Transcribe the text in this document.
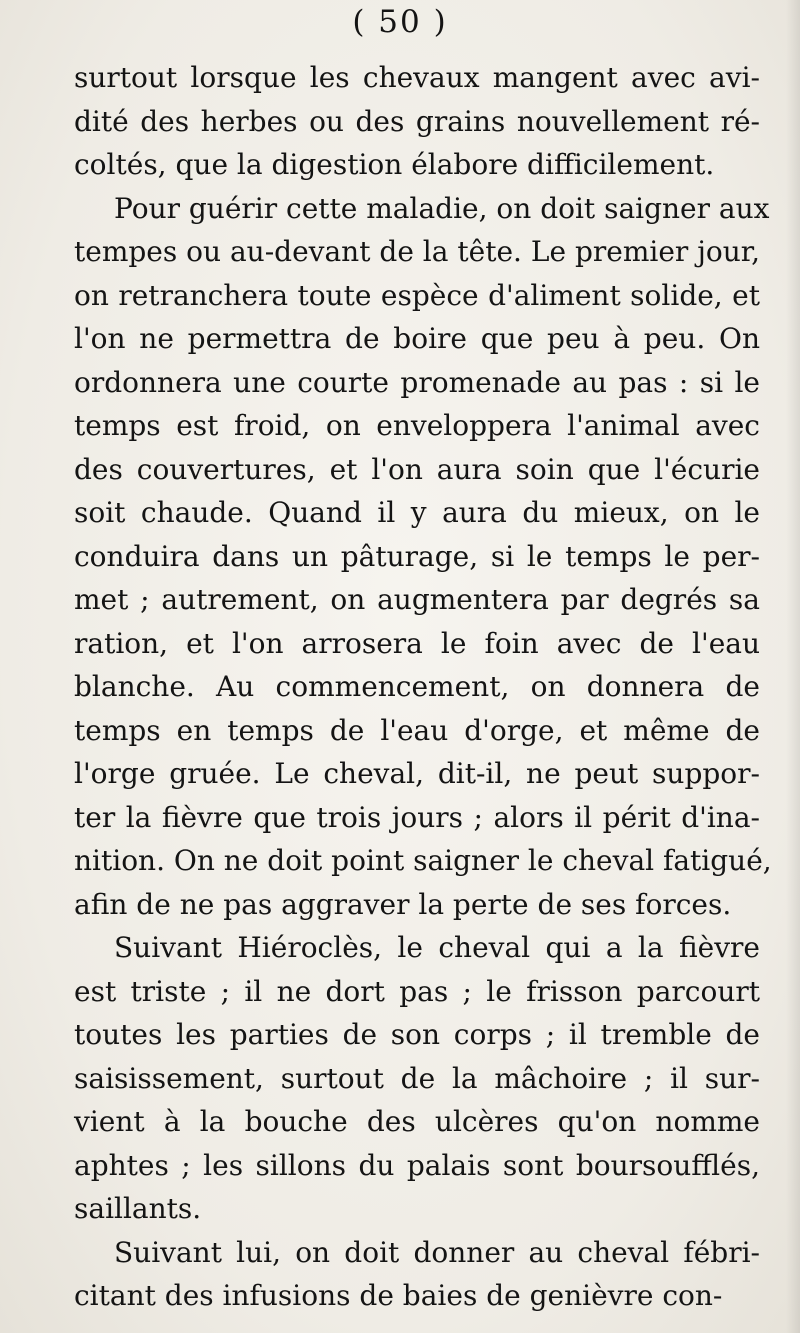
( 50 )
surtout lorsque les chevaux mangent avec avi-
dité des herbes ou des grains nouvellement ré-
coltés, que la digestion élabore difficilement.
Pour guérir cette maladie, on doit saigner aux
tempes ou au-devant de la tête. Le premier jour,
on retranchera toute espèce d'aliment solide, et
l'on ne permettra de boire que peu à peu. On
ordonnera une courte promenade au pas : si le
temps est froid, on enveloppera l'animal avec
des couvertures, et l'on aura soin que l'écurie
soit chaude. Quand il y aura du mieux, on le
conduira dans un pâturage, si le temps le per-
met ; autrement, on augmentera par degrés sa
ration, et l'on arrosera le foin avec de l'eau
blanche. Au commencement, on donnera de
temps en temps de l'eau d'orge, et même de
l'orge gruée. Le cheval, dit-il, ne peut suppor-
ter la fièvre que trois jours ; alors il périt d'ina-
nition. On ne doit point saigner le cheval fatigué,
afin de ne pas aggraver la perte de ses forces.
Suivant Hiéroclès, le cheval qui a la fièvre
est triste ; il ne dort pas ; le frisson parcourt
toutes les parties de son corps ; il tremble de
saisissement, surtout de la mâchoire ; il sur-
vient à la bouche des ulcères qu'on nomme
aphtes ; les sillons du palais sont boursoufflés,
saillants.
Suivant lui, on doit donner au cheval fébri-
citant des infusions de baies de genièvre con-
